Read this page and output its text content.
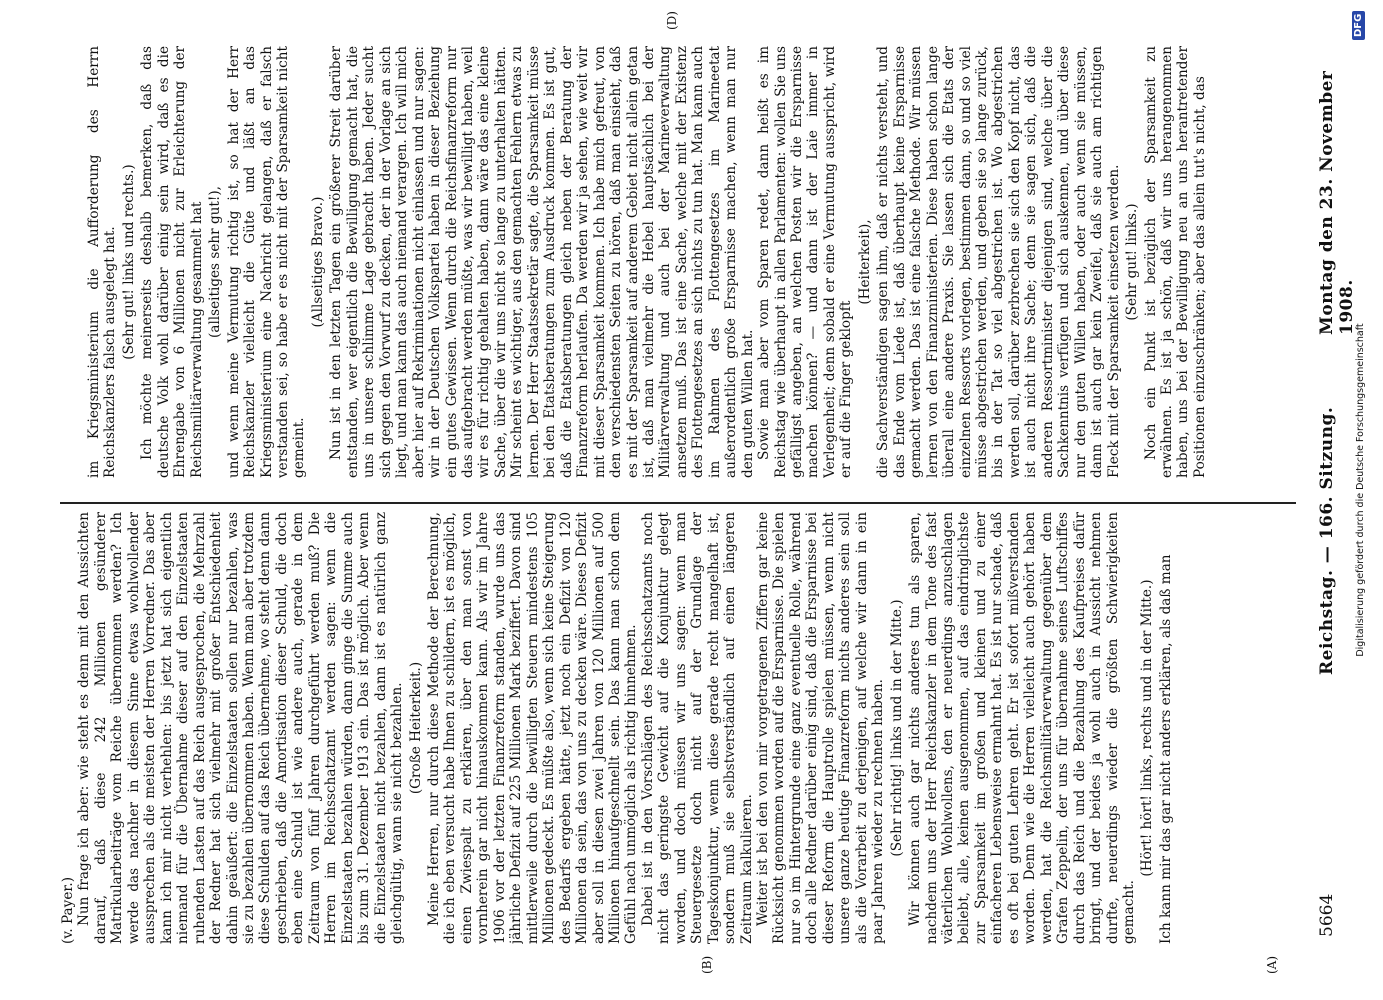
5664
Reichstag. — 166. Sitzung.
Montag den 23. November 1908.
(A)
(B)
(D)

(v. Payer.) Nun frage ich aber: wie steht es denn mit den Aussichten darauf, daß diese 242 Millionen gesünderer Matrikularbeiträge vom Reiche übernommen werden? Ich werde das nachher in diesem Sinne etwas wohlwollender aussprechen als die meisten der Herren Vorredner. Das aber kann ich mir nicht verhehlen: bis jetzt hat sich eigentlich niemand für die Übernahme dieser auf den Einzelstaaten ruhenden Lasten auf das Reich ausgesprochen, die Mehrzahl der Redner hat sich vielmehr mit großer Entschiedenheit dahin geäußert: die Einzelstaaten sollen nur bezahlen, was sie zu bezahlen übernommen haben. Wenn man aber trotzdem diese Schulden auf das Reich übernehme, wo steht denn dann geschrieben, daß die Amortisation dieser Schuld, die doch eben eine Schuld ist wie andere auch, gerade in dem Zeitraum von fünf Jahren durchgeführt werden muß? Die Herren im Reichsschatzamt werden sagen: wenn die Einzelstaaten bezahlen würden, dann ginge die Summe auch bis zum 31. Dezember 1913 ein. Das ist möglich. Aber wenn die Einzelstaaten nicht bezahlen, dann ist es natürlich ganz gleichgültig, wann sie nicht bezahlen. (Große Heiterkeit.) Meine Herren, nur durch diese Methode der Berechnung, die ich eben versucht habe Ihnen zu schildern, ist es möglich, einen Zwiespalt zu erklären, über den man sonst von vornherein gar nicht hinauskommen kann. Als wir im Jahre 1906 vor der letzten Finanzreform standen, wurde uns das jährliche Defizit auf 225 Millionen Mark beziffert. Davon sind mittlerweile durch die bewilligten Steuern mindestens 105 Millionen gedeckt. Es müßte also, wenn sich keine Steigerung des Bedarfs ergeben hätte, jetzt noch ein Defizit von 120 Millionen da sein, das von uns zu decken wäre. Dieses Defizit aber soll in diesen zwei Jahren von 120 Millionen auf 500 Millionen hinaufgeschnellt sein. Das kann man schon dem Gefühl nach unmöglich als richtig hinnehmen. Dabei ist in den Vorschlägen des Reichsschatzamts noch nicht das geringste Gewicht auf die Konjunktur gelegt worden, und doch müssen wir uns sagen: wenn man Steuergesetze doch nicht auf der Grundlage der Tageskonjunktur, wenn diese gerade recht mangelhaft ist, sondern muß sie selbstverständlich auf einen längeren Zeitraum kalkulieren. Weiter ist bei den von mir vorgetragenen Ziffern gar keine Rücksicht genommen worden auf die Ersparnisse. Die spielen nur so im Hintergrunde eine ganz eventuelle Rolle, während doch alle Redner darüber einig sind, daß die Ersparnisse bei dieser Reform die Hauptrolle spielen müssen, wenn nicht unsere ganze heutige Finanzreform nichts anderes sein soll als die Vorarbeit zu derjenigen, auf welche wir dann in ein paar Jahren wieder zu rechnen haben. (Sehr richtig! links und in der Mitte.) Wir können auch gar nichts anderes tun als sparen, nachdem uns der Herr Reichskanzler in dem Tone des fast väterlichen Wohlwollens, den er neuerdings anzuschlagen beliebt, alle, keinen ausgenommen, auf das eindringlichste zur Sparsamkeit im großen und kleinen und zu einer einfacheren Lebensweise ermahnt hat. Es ist nur schade, daß es oft bei guten Lehren geht. Er ist sofort mißverstanden worden. Denn wie die Herren vielleicht auch gehört haben werden, hat die Reichsmilitärverwaltung gegenüber dem Grafen Zeppelin, der uns für übernahme seines Luftschiffes durch das Reich und die Bezahlung des Kaufpreises dafür bringt, und der beides ja wohl auch in Aussicht nehmen durfte, neuerdings wieder die größten Schwierigkeiten gemacht.

(Hört! hört! links, rechts und in der Mitte.) Ich kann mir das gar nicht anders erklären, als daß man

im Kriegsministerium die Aufforderung des Herrn Reichskanzlers falsch ausgelegt hat. (Sehr gut! links und rechts.) Ich möchte meinerseits deshalb bemerken, daß das deutsche Volk wohl darüber einig sein wird, daß es die Ehrengabe von 6 Millionen nicht zur Erleichterung der Reichsmilitärverwaltung gesammelt hat (allseitiges sehr gut!), und wenn meine Vermutung richtig ist, so hat der Herr Reichskanzler vielleicht die Güte und läßt an das Kriegsministerium eine Nachricht gelangen, daß er falsch verstanden sei, so habe er es nicht mit der Sparsamkeit nicht gemeint.

(Allseitiges Bravo.) Nun ist in den letzten Tagen ein größerer Streit darüber entstanden, wer eigentlich die Bewilligung gemacht hat, die uns in unsere schlimme Lage gebracht haben. Jeder sucht sich gegen den Vorwurf zu decken, der in der Vorlage an sich liegt, und man kann das auch niemand verargen. Ich will mich aber hier auf Rekriminationen nicht einlassen und nur sagen: wir in der Deutschen Volkspartei haben in dieser Beziehung ein gutes Gewissen. Wenn durch die Reichsfinanzreform nur das aufgebracht werden müßte, was wir bewilligt haben, weil wir es für richtig gehalten haben, dann wäre das eine kleine Sache, über die wir uns nicht so lange zu unterhalten hätten. Mir scheint es wichtiger, aus den gemachten Fehlern etwas zu lernen. Der Herr Staatssekretär sagte, die Sparsamkeit müsse bei den Etatsberatungen zum Ausdruck kommen. Es ist gut, daß die Etatsberatungen gleich neben der Beratung der Finanzreform herlaufen. Da werden wir ja sehen, wie weit wir mit dieser Sparsamkeit kommen. Ich habe mich gefreut, von den verschiedensten Seiten zu hören, daß man einsieht, daß es mit der Sparsamkeit auf anderem Gebiet nicht allein getan ist, daß man vielmehr die Hebel hauptsächlich bei der Militärverwaltung und auch bei der Marineverwaltung ansetzen muß. Das ist eine Sache, welche mit der Existenz des Flottengesetzes an sich nichts zu tun hat. Man kann auch im Rahmen des Flottengesetzes im Marineetat außerordentlich große Ersparnisse machen, wenn man nur den guten Willen hat. Sowie man aber vom Sparen redet, dann heißt es im Reichstag wie überhaupt in allen Parlamenten: wollen Sie uns gefälligst angeben, an welchen Posten wir die Ersparnisse machen können? — und dann ist der Laie immer in Verlegenheit; denn sobald er eine Vermutung ausspricht, wird er auf die Finger geklopft

(Heiterkeit), die Sachverständigen sagen ihm, daß er nichts versteht, und das Ende vom Liede ist, daß überhaupt keine Ersparnisse gemacht werden. Das ist eine falsche Methode. Wir müssen lernen von den Finanzministerien. Diese haben schon lange überall eine andere Praxis. Sie lassen sich die Etats der einzelnen Ressorts vorlegen, bestimmen dann, so und so viel müsse abgestrichen werden, und geben sie so lange zurück, bis in der Tat so viel abgestrichen ist. Wo abgestrichen werden soll, darüber zerbrechen sie sich den Kopf nicht, das ist auch nicht ihre Sache; denn sie sagen sich, daß die anderen Ressortminister diejenigen sind, welche über die Sachkenntnis verfügen und sich auskennen, und über diese nur den guten Willen haben, oder auch wenn sie müssen, dann ist auch gar kein Zweifel, daß sie auch am richtigen Fleck mit der Sparsamkeit einsetzen werden. (Sehr gut! links.) Noch ein Punkt ist bezüglich der Sparsamkeit zu erwähnen. Es ist ja schön, daß wir uns herangenommen haben, uns bei der Bewilligung neu an uns herantretender Positionen einzuschränken; aber das allein tut's nicht, das

Digitalisierung gefördert durch die Deutsche Forschungsgemeinschaft
DFG
